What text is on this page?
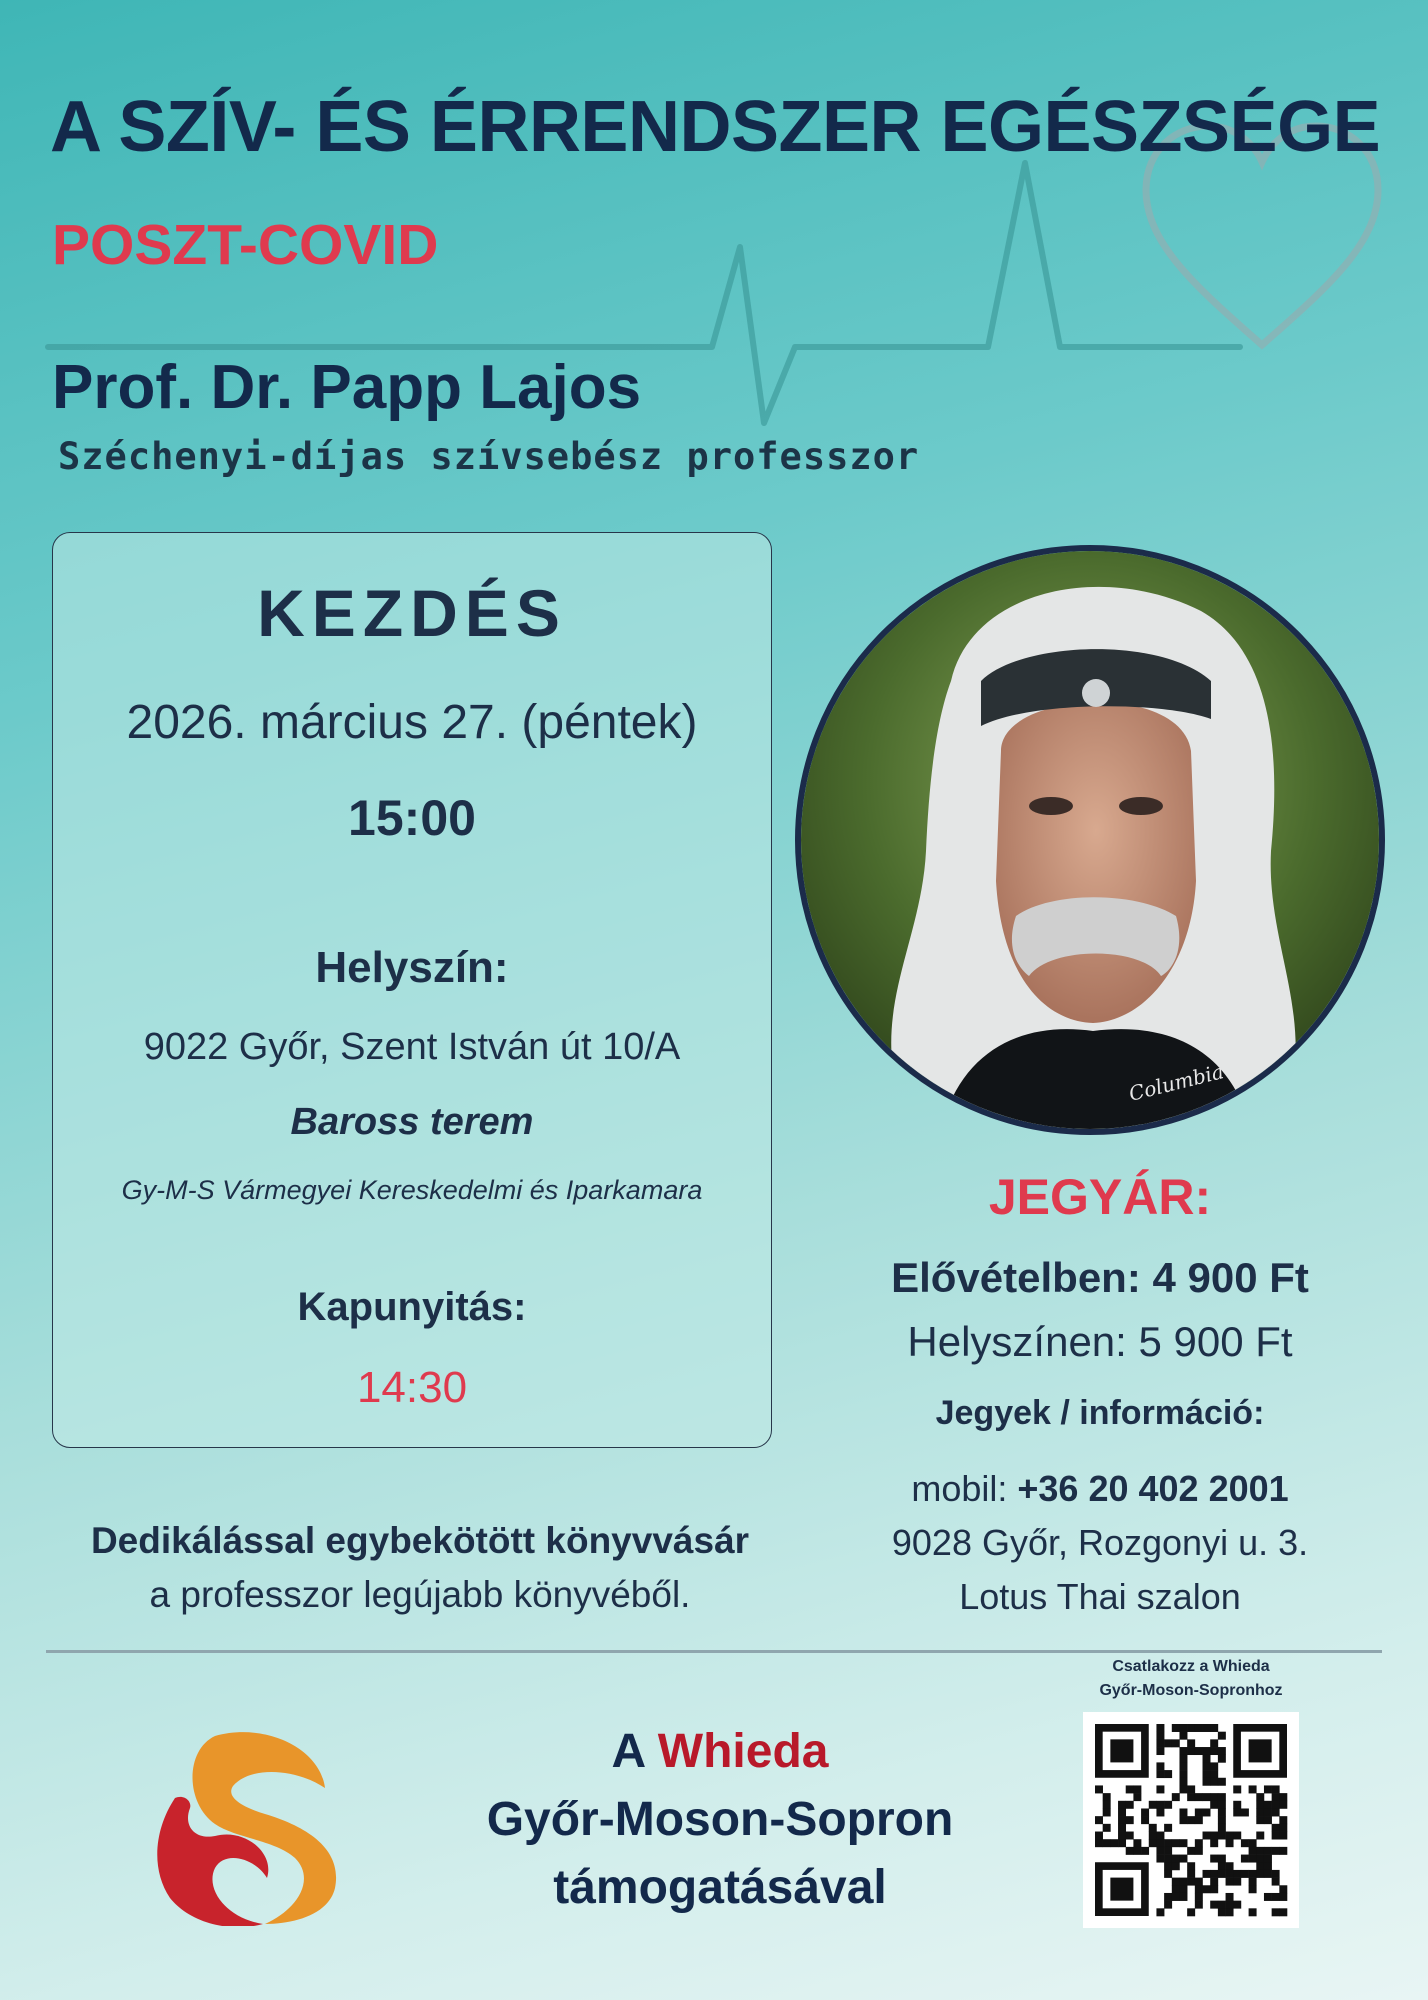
A SZÍV- ÉS ÉRRENDSZER EGÉSZSÉGE
POSZT-COVID
Prof. Dr. Papp Lajos
Széchenyi-díjas szívsebész professzor
KEZDÉS
2026. március 27. (péntek)
15:00
Helyszín:
9022 Győr, Szent István út 10/A
Baross terem
Gy-M-S Vármegyei Kereskedelmi és Iparkamara
Kapunyitás:
14:30
Columbia
JEGYÁR:
Elővételben: 4 900 Ft
Helyszínen: 5 900 Ft
Jegyek / információ:
mobil: +36 20 402 2001
9028 Győr, Rozgonyi u. 3.
Lotus Thai szalon
Dedikálással egybekötött könyvvásár
a professzor legújabb könyvéből.
A Whieda
Győr-Moson-Sopron
támogatásával
Csatlakozz a Whieda
Győr-Moson-Sopronhoz
